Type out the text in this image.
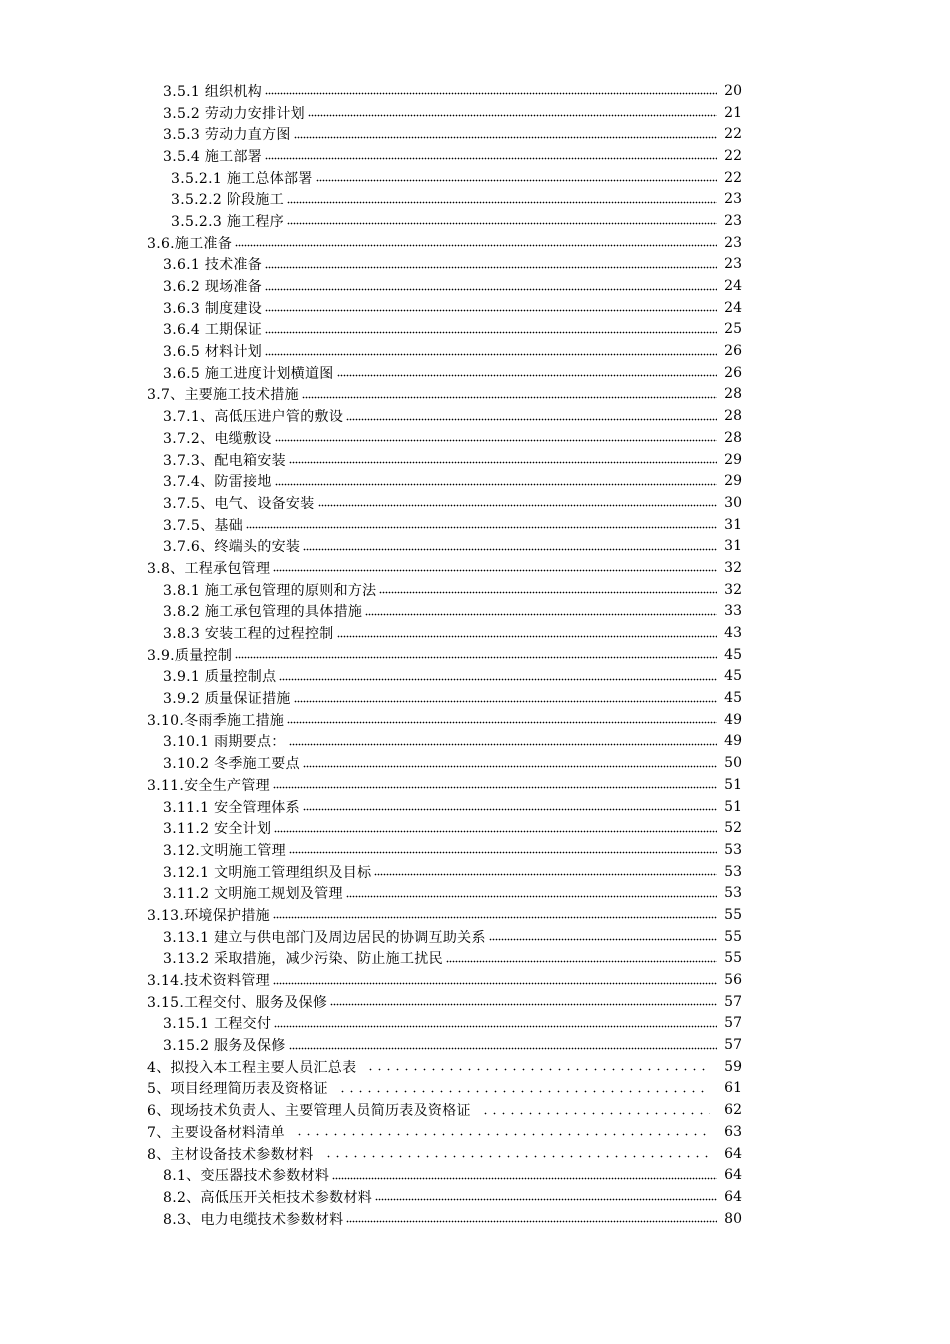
3.5.1 组织机构	20
3.5.2 劳动力安排计划	21
3.5.3 劳动力直方图	22
3.5.4 施工部署	22
3.5.2.1 施工总体部署	22
3.5.2.2 阶段施工	23
3.5.2.3 施工程序	23
3.6.施工准备	23
3.6.1 技术准备	23
3.6.2 现场准备	24
3.6.3 制度建设	24
3.6.4 工期保证	25
3.6.5 材料计划	26
3.6.5 施工进度计划横道图	26
3.7、主要施工技术措施	28
3.7.1、高低压进户管的敷设	28
3.7.2、电缆敷设	28
3.7.3、配电箱安装	29
3.7.4、防雷接地	29
3.7.5、电气、设备安装	30
3.7.5、基础	31
3.7.6、终端头的安装	31
3.8、工程承包管理	32
3.8.1 施工承包管理的原则和方法	32
3.8.2 施工承包管理的具体措施	33
3.8.3 安装工程的过程控制	43
3.9.质量控制	45
3.9.1 质量控制点	45
3.9.2 质量保证措施	45
3.10.冬雨季施工措施	49
3.10.1 雨期要点：	49
3.10.2 冬季施工要点	50
3.11.安全生产管理	51
3.11.1 安全管理体系	51
3.11.2 安全计划	52
3.12.文明施工管理	53
3.12.1 文明施工管理组织及目标	53
3.11.2 文明施工规划及管理	53
3.13.环境保护措施	55
3.13.1 建立与供电部门及周边居民的协调互助关系	55
3.13.2 采取措施，减少污染、防止施工扰民	55
3.14.技术资料管理	56
3.15.工程交付、服务及保修	57
3.15.1 工程交付	57
3.15.2 服务及保修	57
4、拟投入本工程主要人员汇总表	59
5、项目经理简历表及资格证	61
6、现场技术负责人、主要管理人员简历表及资格证	62
7、主要设备材料清单	63
8、主材设备技术参数材料	64
8.1、变压器技术参数材料	64
8.2、高低压开关柜技术参数材料	64
8.3、电力电缆技术参数材料	80
